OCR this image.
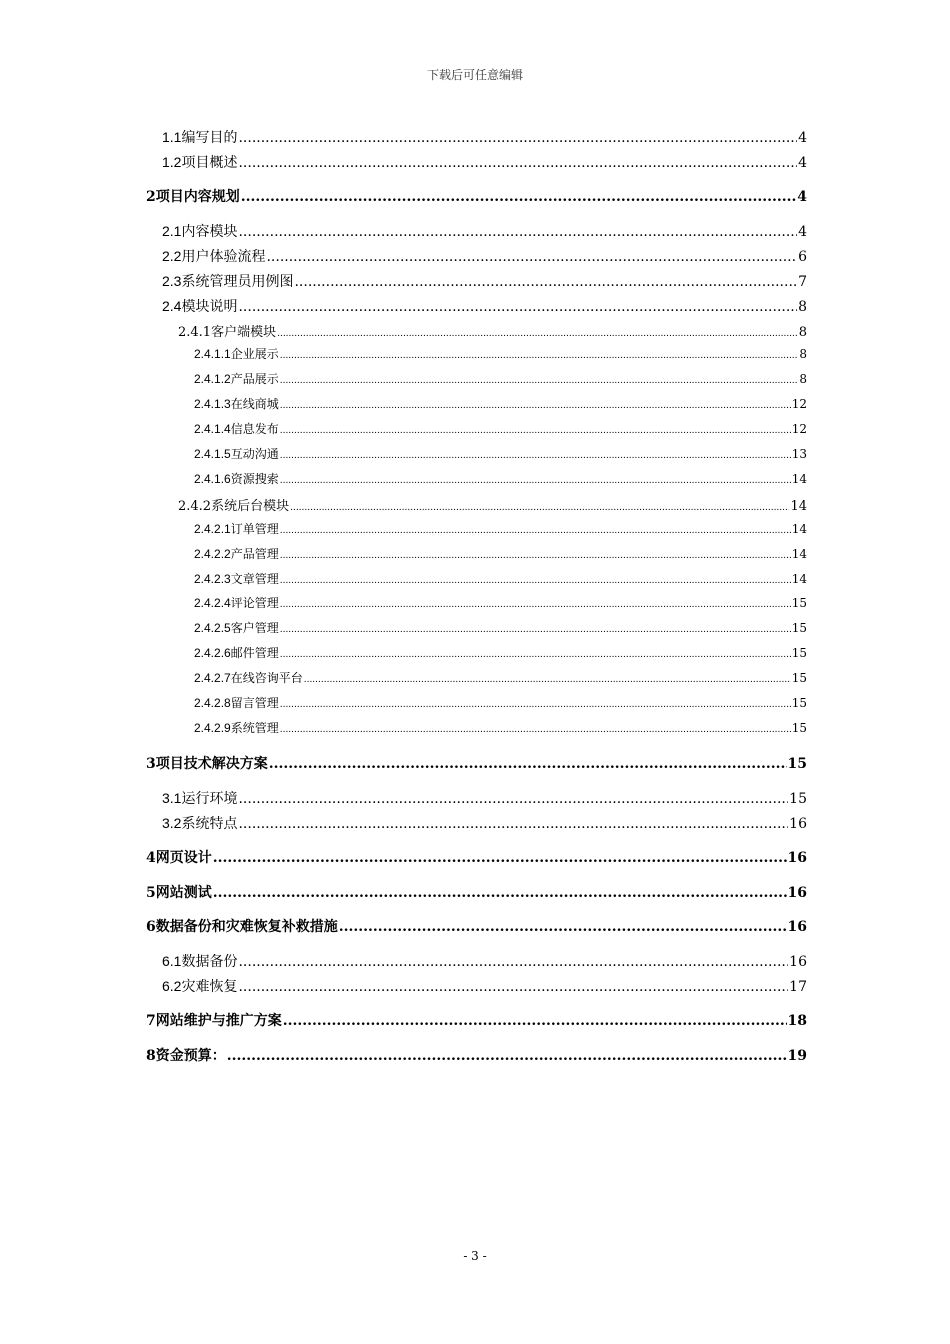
下载后可任意编辑
1.1 编写目的 .....	4
1.2 项目概述 .....	4
2 项目内容规划 .....	4
2.1 内容模块 .....	4
2.2 用户体验流程 .....	6
2.3 系统管理员用例图 .....	7
2.4 模块说明 .....	8
2.4.1 客户端模块 .....	8
2.4.1.1 企业展示 .....	8
2.4.1.2 产品展示 .....	8
2.4.1.3 在线商城 .....	12
2.4.1.4 信息发布 .....	12
2.4.1.5 互动沟通 .....	13
2.4.1.6 资源搜索 .....	14
2.4.2 系统后台模块 .....	14
2.4.2.1 订单管理 .....	14
2.4.2.2 产品管理 .....	14
2.4.2.3 文章管理 .....	14
2.4.2.4 评论管理 .....	15
2.4.2.5 客户管理 .....	15
2.4.2.6 邮件管理 .....	15
2.4.2.7 在线咨询平台 .....	15
2.4.2.8 留言管理 .....	15
2.4.2.9 系统管理 .....	15
3 项目技术解决方案 .....	15
3.1 运行环境 .....	15
3.2 系统特点 .....	16
4 网页设计 .....	16
5 网站测试 .....	16
6 数据备份和灾难恢复补救措施 .....	16
6.1 数据备份 .....	16
6.2 灾难恢复 .....	17
7 网站维护与推广方案 .....	18
8 资金预算： .....	19
- 3 -
